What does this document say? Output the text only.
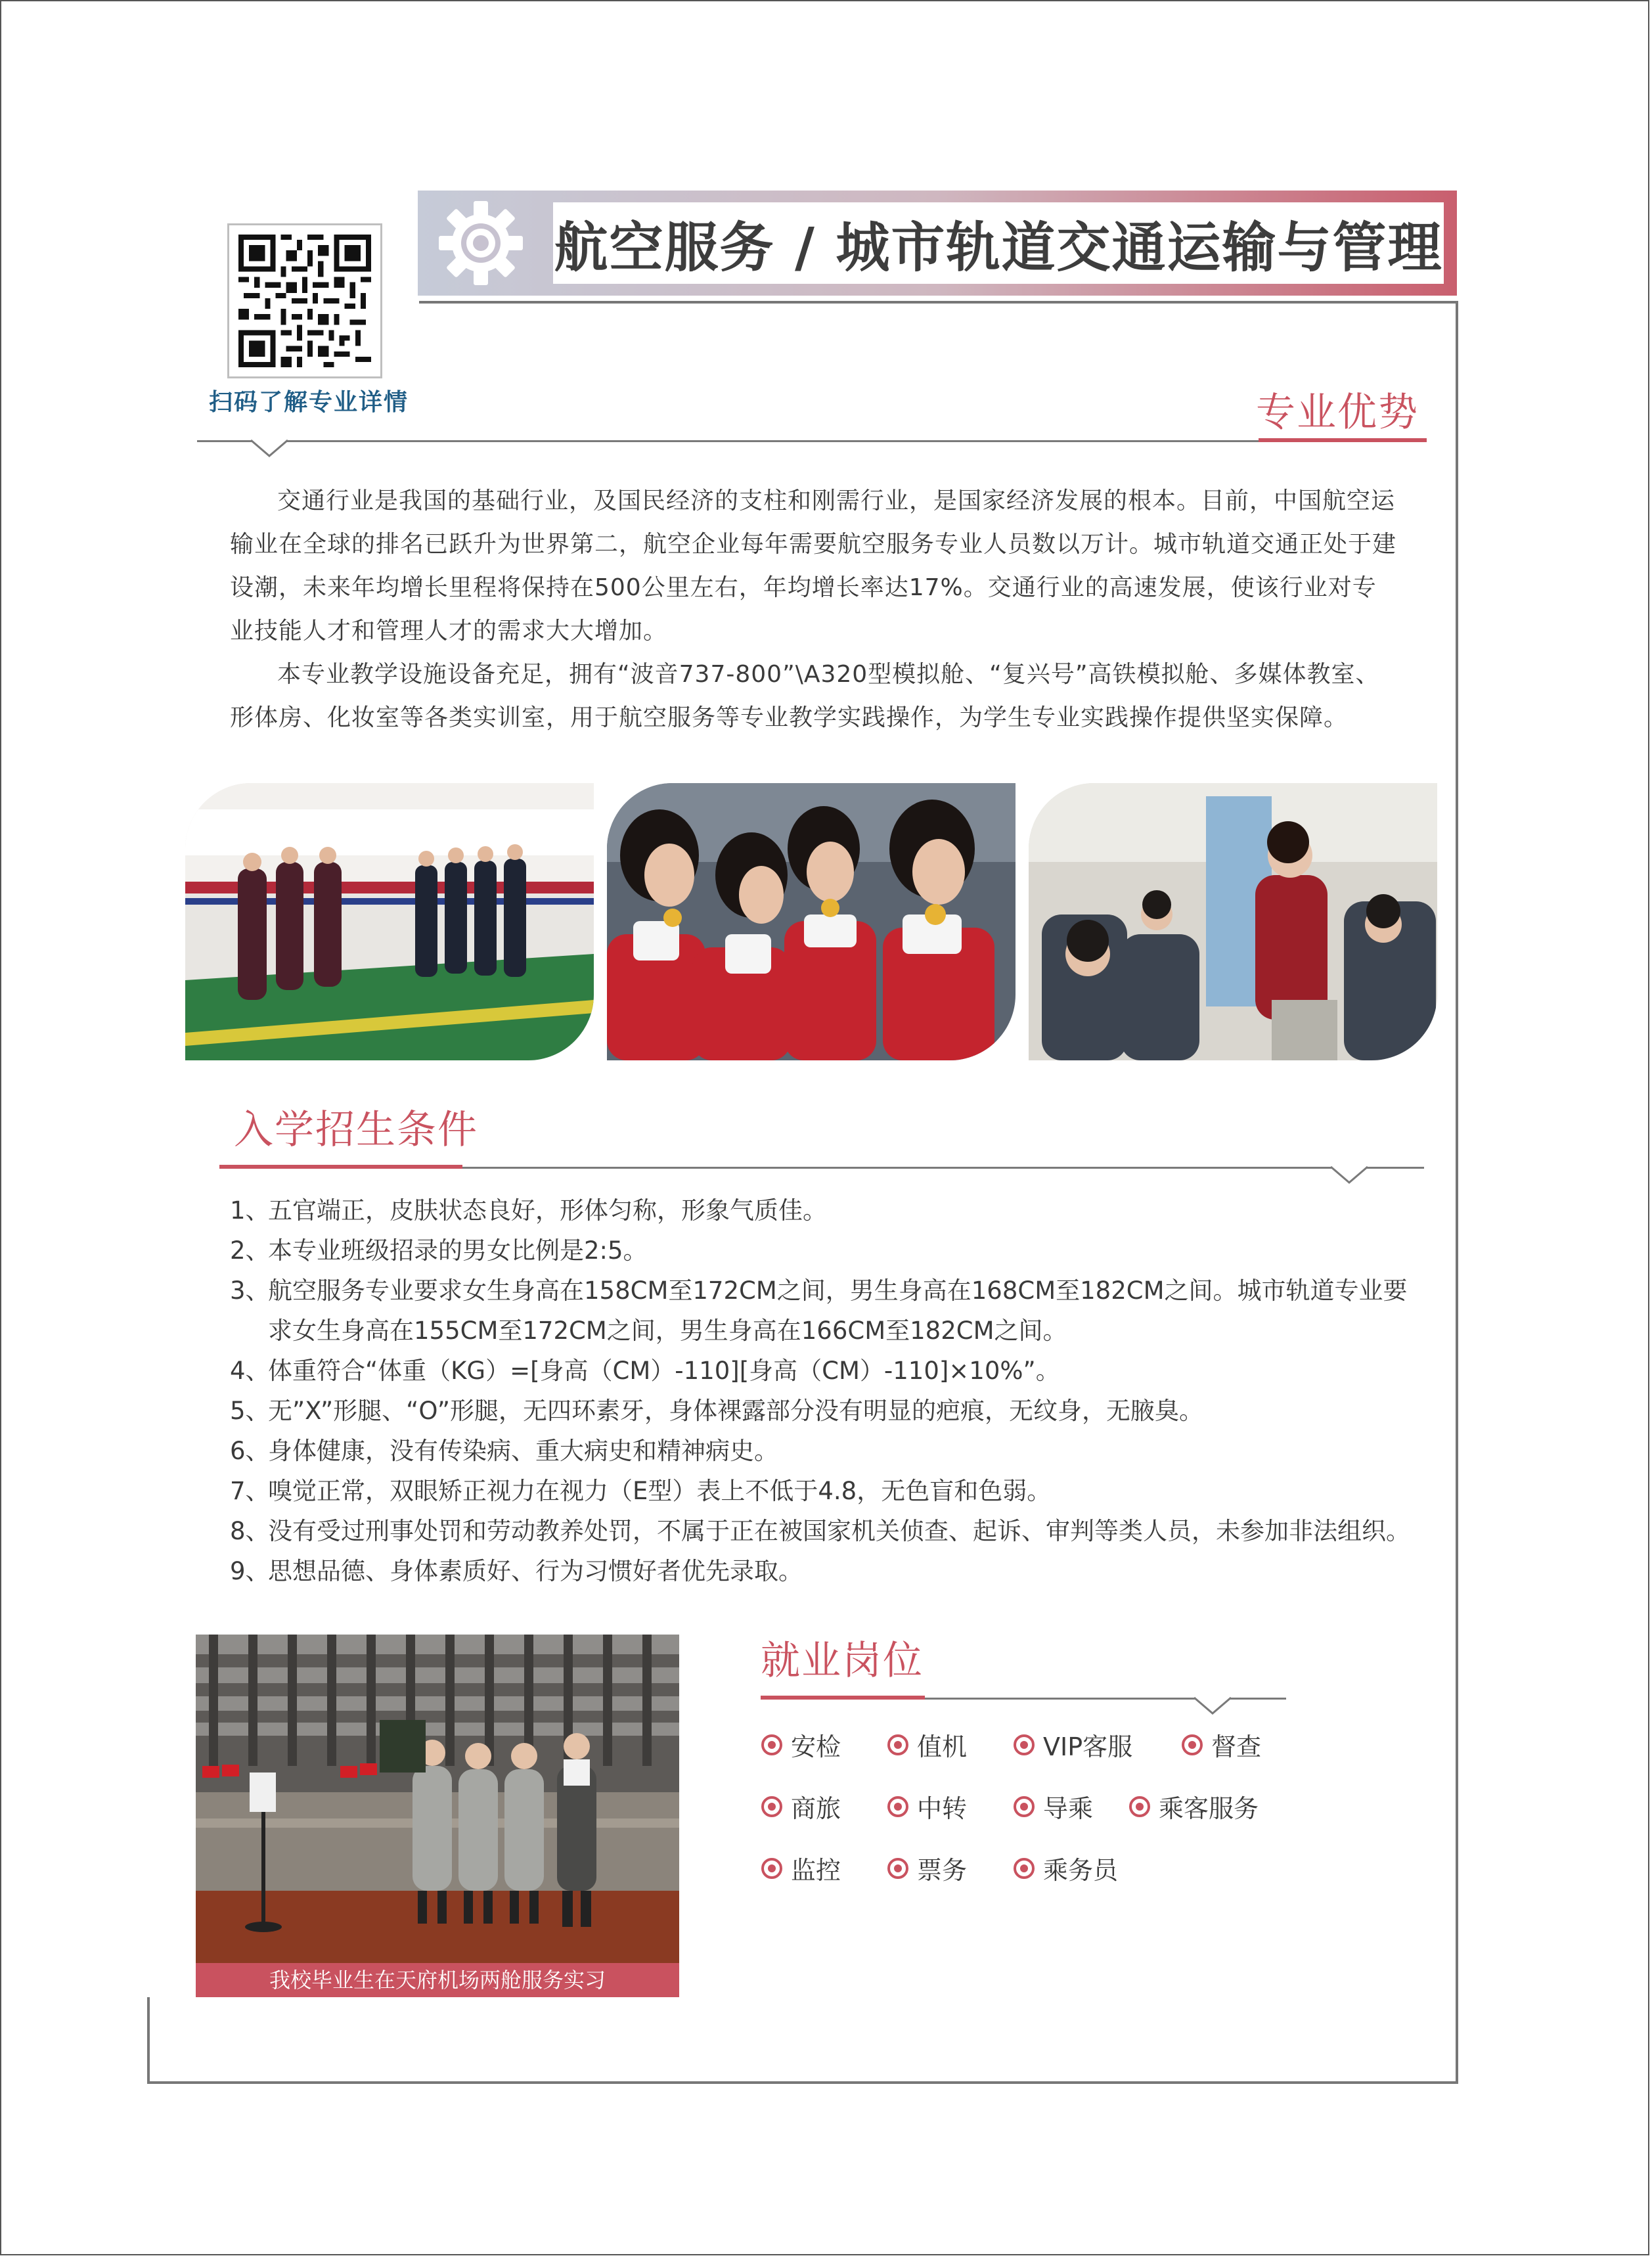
扫码了解专业详情
航空服务 / 城市轨道交通运输与管理
专业优势

交通行业是我国的基础行业，及国民经济的支柱和刚需行业，是国家经济发展的根本。目前，中国航空运输业在全球的排名已跃升为世界第二，航空企业每年需要航空服务专业人员数以万计。城市轨道交通正处于建设潮，未来年均增长里程将保持在500公里左右，年均增长率达17%。交通行业的高速发展，使该行业对专业技能人才和管理人才的需求大大增加。

本专业教学设施设备充足，拥有“波音737-800”\A320型模拟舱、“复兴号”高铁模拟舱、多媒体教室、形体房、化妆室等各类实训室，用于航空服务等专业教学实践操作，为学生专业实践操作提供坚实保障。

入学招生条件
1、
五官端正，皮肤状态良好，形体匀称，形象气质佳。
2、
本专业班级招录的男女比例是2:5。
3、
航空服务专业要求女生身高在158CM至172CM之间，男生身高在168CM至182CM之间。城市轨道专业要求女生身高在155CM至172CM之间，男生身高在166CM至182CM之间。
4、
体重符合“体重（KG）=[身高（CM）-110][身高（CM）-110]×10%”。
5、
无”X”形腿、“O”形腿，无四环素牙，身体裸露部分没有明显的疤痕，无纹身，无腋臭。
6、
身体健康，没有传染病、重大病史和精神病史。
7、
嗅觉正常，双眼矫正视力在视力（E型）表上不低于4.8，无色盲和色弱。
8、
没有受过刑事处罚和劳动教养处罚，不属于正在被国家机关侦查、起诉、审判等类人员，未参加非法组织。
9、
思想品德、身体素质好、行为习惯好者优先录取。
我校毕业生在天府机场两舱服务实习
就业岗位
安检	值机	VIP客服	督查
商旅	中转	导乘	乘客服务
监控	票务	乘务员
